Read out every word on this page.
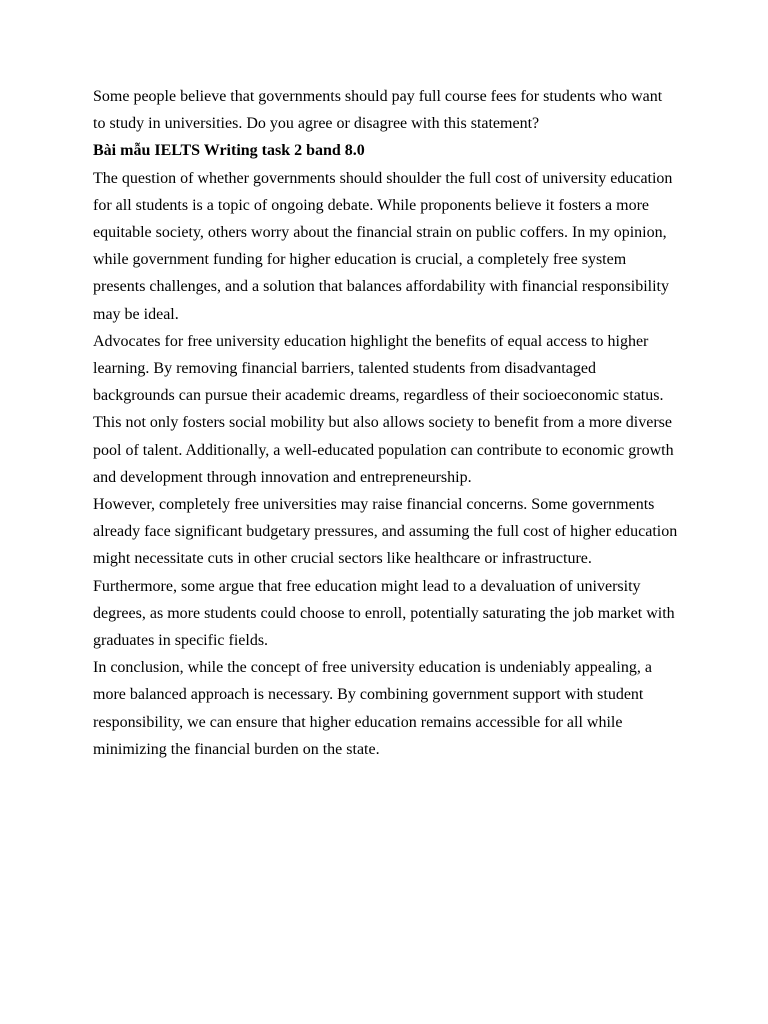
Some people believe that governments should pay full course fees for students who want to study in universities. Do you agree or disagree with this statement?

Bài mẫu IELTS Writing task 2 band 8.0

The question of whether governments should shoulder the full cost of university education for all students is a topic of ongoing debate. While proponents believe it fosters a more equitable society, others worry about the financial strain on public coffers. In my opinion, while government funding for higher education is crucial, a completely free system presents challenges, and a solution that balances affordability with financial responsibility may be ideal.

Advocates for free university education highlight the benefits of equal access to higher learning. By removing financial barriers, talented students from disadvantaged backgrounds can pursue their academic dreams, regardless of their socioeconomic status. This not only fosters social mobility but also allows society to benefit from a more diverse pool of talent. Additionally, a well-educated population can contribute to economic growth and development through innovation and entrepreneurship.

However, completely free universities may raise financial concerns. Some governments already face significant budgetary pressures, and assuming the full cost of higher education might necessitate cuts in other crucial sectors like healthcare or infrastructure. Furthermore, some argue that free education might lead to a devaluation of university degrees, as more students could choose to enroll, potentially saturating the job market with graduates in specific fields.

In conclusion, while the concept of free university education is undeniably appealing, a more balanced approach is necessary. By combining government support with student responsibility, we can ensure that higher education remains accessible for all while minimizing the financial burden on the state.
